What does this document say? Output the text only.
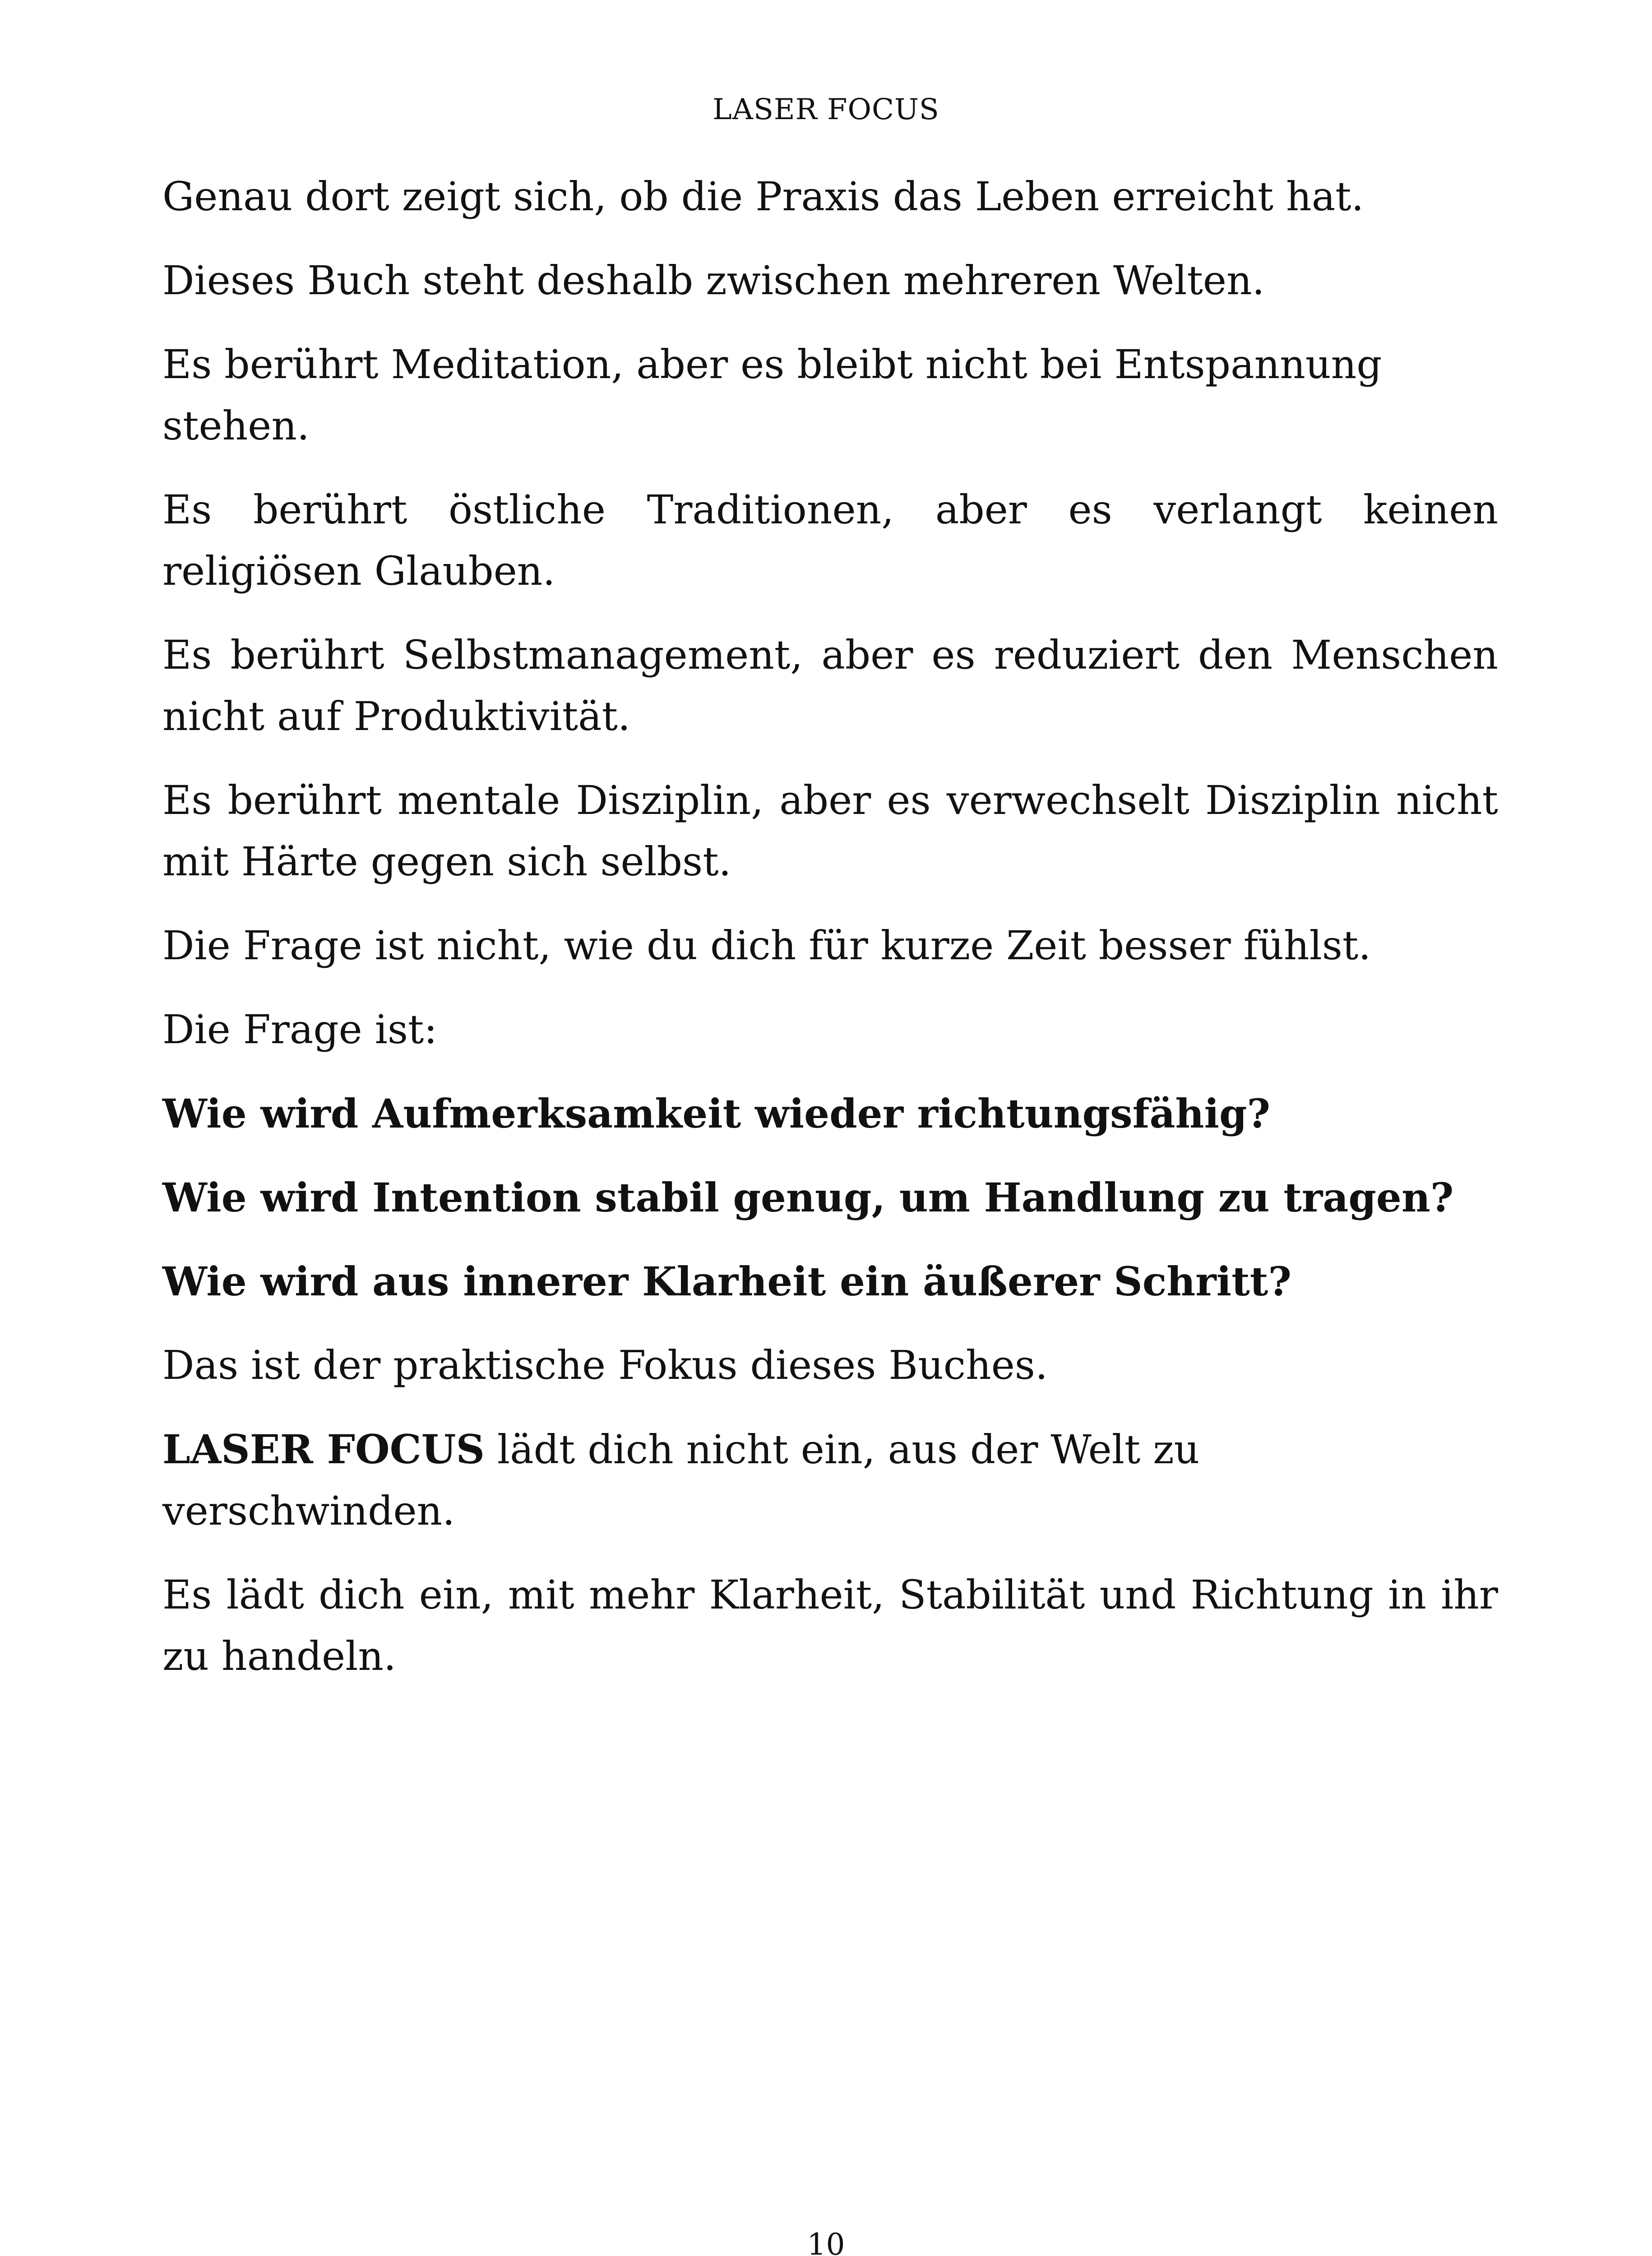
LASER FOCUS

Genau dort zeigt sich, ob die Praxis das Leben erreicht hat.

Dieses Buch steht deshalb zwischen mehreren Welten.

Es berührt Meditation, aber es bleibt nicht bei Entspannung stehen.

Es berührt östliche Traditionen, aber es verlangt keinen religiösen Glauben.

Es berührt Selbstmanagement, aber es reduziert den Menschen nicht auf Produktivität.

Es berührt mentale Disziplin, aber es verwechselt Disziplin nicht mit Härte gegen sich selbst.

Die Frage ist nicht, wie du dich für kurze Zeit besser fühlst.

Die Frage ist:

Wie wird Aufmerksamkeit wieder richtungsfähig?

Wie wird Intention stabil genug, um Handlung zu tragen?

Wie wird aus innerer Klarheit ein äußerer Schritt?

Das ist der praktische Fokus dieses Buches.

LASER FOCUS lädt dich nicht ein, aus der Welt zu verschwinden.

Es lädt dich ein, mit mehr Klarheit, Stabilität und Richtung in ihr zu handeln.

10
